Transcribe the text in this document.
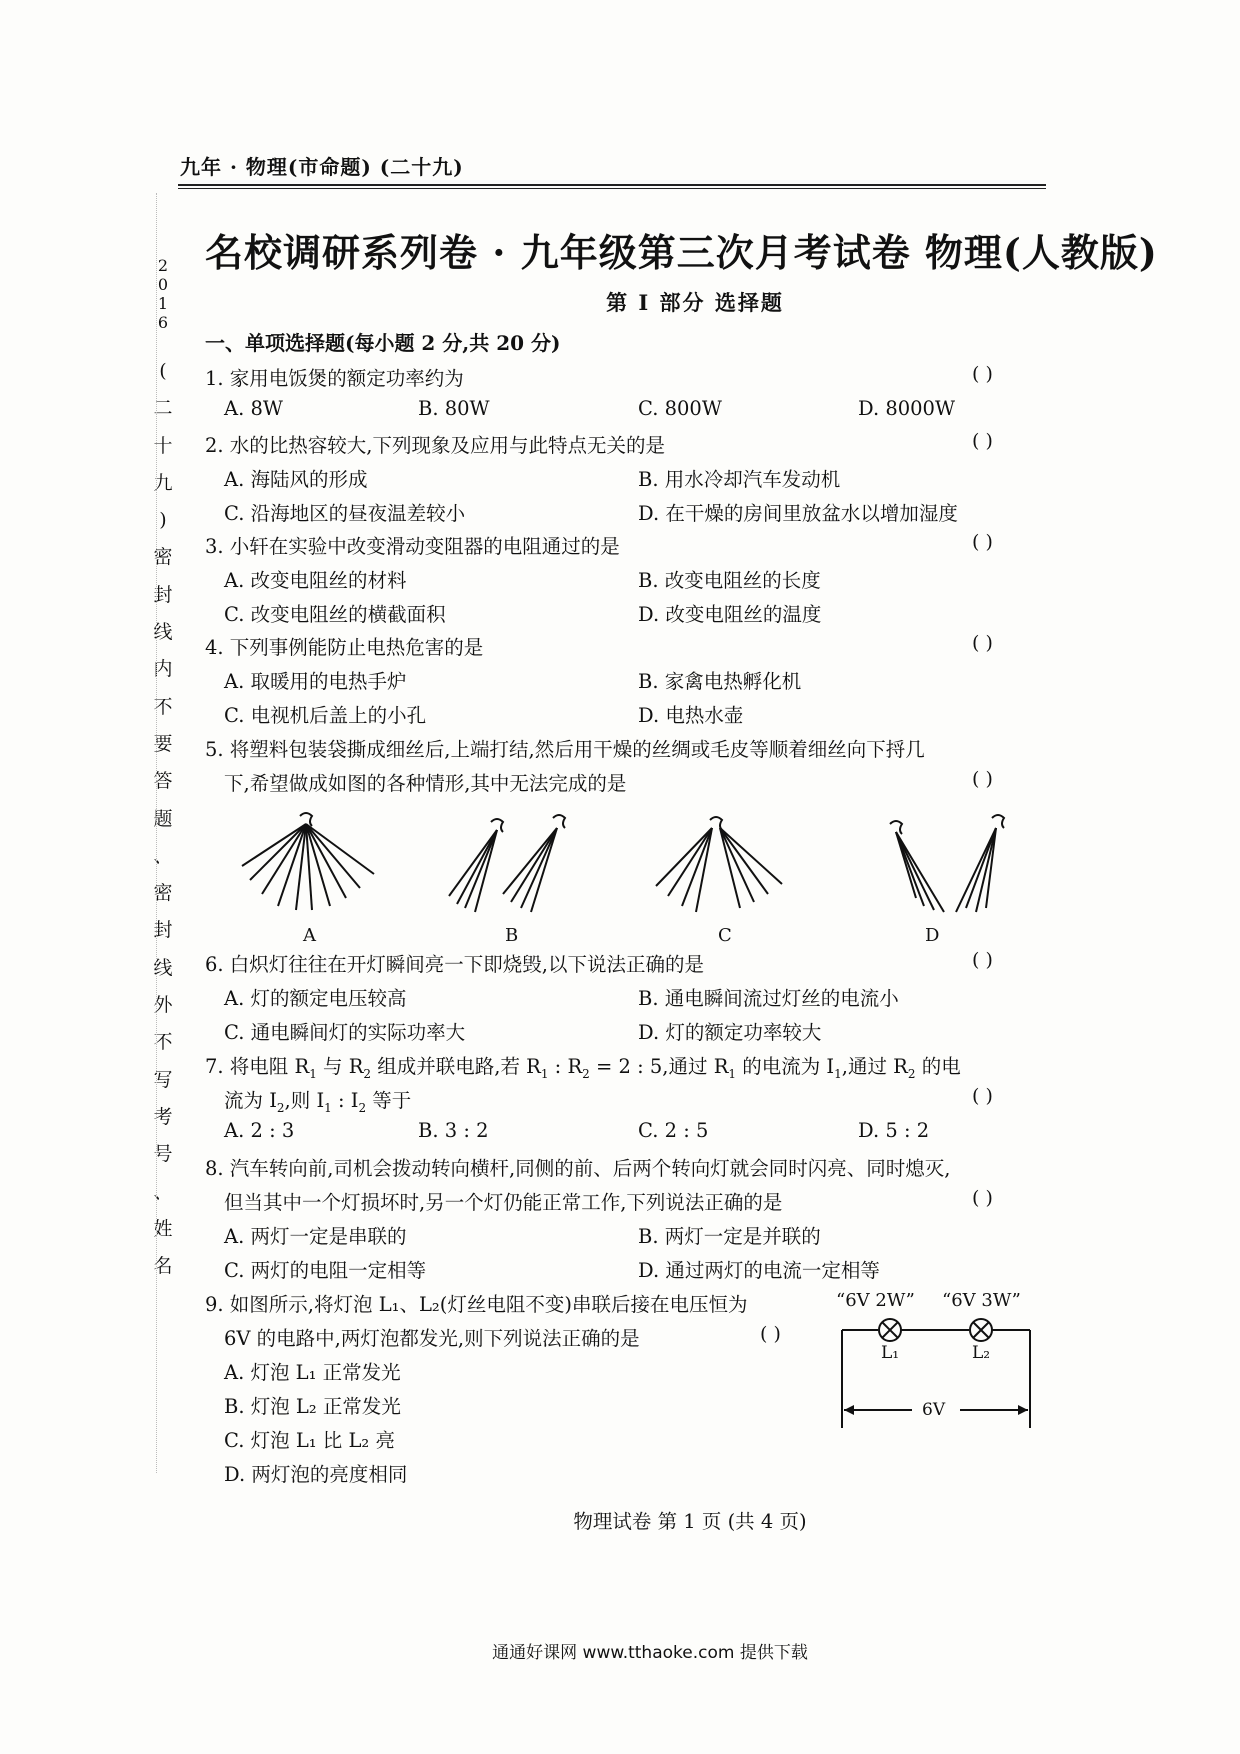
九年 · 物理(市命题) (二十九)
名校调研系列卷 · 九年级第三次月考试卷 物理(人教版)
第 Ⅰ 部分 选择题
一、单项选择题(每小题 2 分,共 20 分)
2
0
1
6
(
二
十
九
)
密
封
线
内
不
要
答
题
、
密
封
线
外
不
写
考
号
、
姓
名
1. 家用电饭煲的额定功率约为	( )
A. 8W	B. 80W	C. 800W	D. 8000W
2. 水的比热容较大,下列现象及应用与此特点无关的是	( )
A. 海陆风的形成	B. 用水冷却汽车发动机
C. 沿海地区的昼夜温差较小	D. 在干燥的房间里放盆水以增加湿度
3. 小轩在实验中改变滑动变阻器的电阻通过的是	( )
A. 改变电阻丝的材料	B. 改变电阻丝的长度
C. 改变电阻丝的横截面积	D. 改变电阻丝的温度
4. 下列事例能防止电热危害的是	( )
A. 取暖用的电热手炉	B. 家禽电热孵化机
C. 电视机后盖上的小孔	D. 电热水壶
5. 将塑料包装袋撕成细丝后,上端打结,然后用干燥的丝绸或毛皮等顺着细丝向下捋几
下,希望做成如图的各种情形,其中无法完成的是	( )
A	B	C	D
6. 白炽灯往往在开灯瞬间亮一下即烧毁,以下说法正确的是	( )
A. 灯的额定电压较高	B. 通电瞬间流过灯丝的电流小
C. 通电瞬间灯的实际功率大	D. 灯的额定功率较大
7. 将电阻 $R_1$ 与 $R_2$ 组成并联电路,若 $R_1$ : $R_2 = 2$ : 5,通过 $R_1$ 的电流为 $I_1$,通过 $R_2$ 的电
流为 $I_2$,则 $I_1$ : $I_2$ 等于	( )
A. 2 : 3	B. 3 : 2	C. 2 : 5	D. 5 : 2
8. 汽车转向前,司机会拨动转向横杆,同侧的前、后两个转向灯就会同时闪亮、同时熄灭,
但当其中一个灯损坏时,另一个灯仍能正常工作,下列说法正确的是	( )
A. 两灯一定是串联的	B. 两灯一定是并联的
C. 两灯的电阻一定相等	D. 通过两灯的电流一定相等
9. 如图所示,将灯泡 L₁、L₂(灯丝电阻不变)串联后接在电压恒为
6V 的电路中,两灯泡都发光,则下列说法正确的是	( )
A. 灯泡 L₁ 正常发光
B. 灯泡 L₂ 正常发光
C. 灯泡 L₁ 比 L₂ 亮
D. 两灯泡的亮度相同
“6V 2W” “6V 3W”
L₁	L₂
6V
物理试卷 第 1 页 (共 4 页)
通通好课网 www.tthaoke.com 提供下载
